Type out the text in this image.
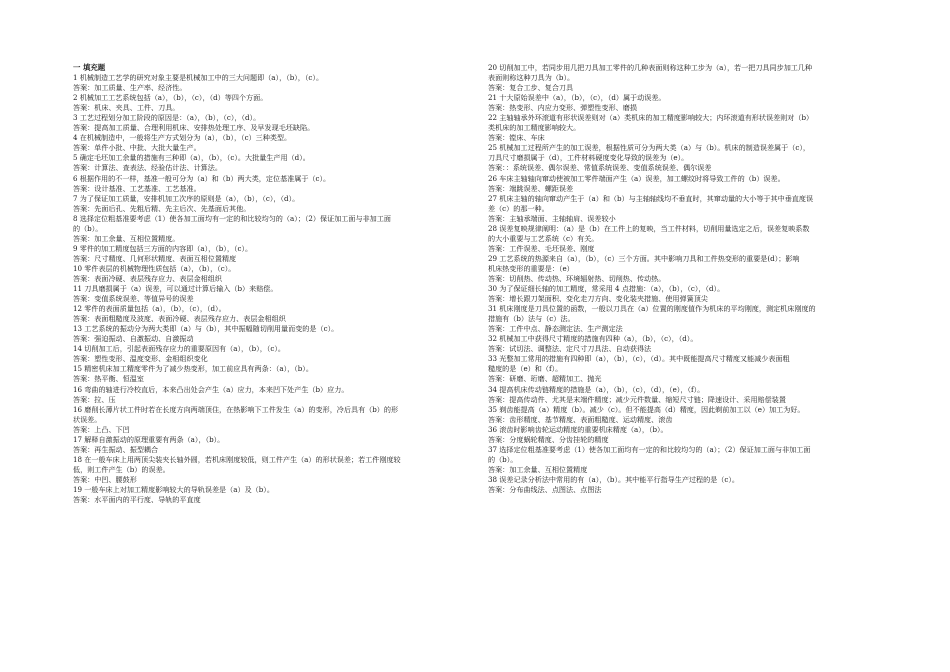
一 填充题
1 机械制造工艺学的研究对象主要是机械加工中的三大问题即（a），（b），（c）。
答案：加工质量、生产率、经济性。
2 机械加工工艺系统包括（a），（b），（c），（d）等四个方面。
答案：机床、夹具、工件、刀具。
3 工艺过程划分加工阶段的原因是：（a），（b），（c），（d）。
答案：提高加工质量、合理利用机床、安排热处理工序、及早发现毛坯缺陷。
4 在机械制造中，一般将生产方式划分为（a），（b），（c）三种类型。
答案：单件小批、中批、大批大量生产。
5 确定毛坯加工余量的措施有三种即（a），（b），（c）。大批量生产用（d）。
答案：计算法、查表法、经验估计法、计算法。
6 根据作用的不一样，基准一般可分为（a）和（b）两大类，定位基准属于（c）。
答案：设计基准、工艺基准、工艺基准。
7 为了保证加工质量，安排机加工次序的原则是（a），（b），（c），（d）。
答案：先面后孔、先粗后精、先主后次、先基面后其他。
8 选择定位粗基准要考虑（1）使各加工面均有一定的和比较均匀的（a）；（2）保证加工面与非加工面
的（b）。
答案：加工余量、互相位置精度。
9 零件的加工精度包括三方面的内容即（a），（b），（c）。
答案：尺寸精度、几何形状精度、表面互相位置精度
10 零件表层的机械物理性质包括（a），（b），（c）。
答案：表面冷硬、表层残存应力、表层金相组织
11 刀具磨损属于（a）误差，可以通过计算后输入（b）来赔偿。
答案：变值系统误差、等值异号的误差
12 零件的表面质量包括（a），（b），（c），（d）。
答案：表面粗糙度及波度、表面冷硬、表层残存应力、表层金相组织
13 工艺系统的振动分为两大类即（a）与（b），其中振幅随切削用量而变的是（c）。
答案：强迫振动、自激振动、自激振动
14 切削加工后，引起表面残存应力的重要原因有（a），（b），（c）。
答案：塑性变形、温度变形、金相组织变化
15 精密机床加工精度零件为了减少热变形，加工前应具有两条：（a），（b）。
答案：热平衡、恒温室
16 弯曲的轴进行冷校直后，本来凸出处会产生（a）应力，本来凹下处产生（b）应力。
答案：拉、压
16 磨削长薄片状工件时若在长度方向两端顶住，在热影响下工件发生（a）的变形，冷后具有（b）的形
状误差。
答案：上凸、下凹
17 解释自激振动的原理重要有两条（a），（b）。
答案：再生振动、振型耦合
18 在一般车床上用两顶尖装夹长轴外圆，若机床刚度较低，则工件产生（a）的形状误差；若工件刚度较
低，则工件产生（b）的误差。
答案：中凹、腰鼓形
19 一般车床上对加工精度影响较大的导轨误差是（a）及（b）。
答案：水平面内的平行度、导轨的平直度
20 切削加工中，若同步用几把刀具加工零件的几种表面则称这种工步为（a），若一把刀具同步加工几种
表面则称这种刀具为（b）。
答案：复合工步、复合刀具
21 十大原始误差中（a），（b），（c），（d）属于动误差。
答案：热变形、内应力变形、弹塑性变形、磨损
22 主轴轴承外环滚道有形状误差则对（a）类机床的加工精度影响较大；内环滚道有形状误差则对（b）
类机床的加工精度影响较大。
答案：镗床、车床
25 机械加工过程所产生的加工误差，根据性质可分为两大类（a）与（b）。机床的制造误差属于（c），
刀具尺寸磨损属于（d），工件材料硬度变化导致的误差为（e）。
答案：：系统误差、偶尔误差、常值系统误差、变值系统误差、偶尔误差
26 车床主轴轴向窜动使被加工零件端面产生（a）误差，加工螺纹时将导致工件的（b）误差。
答案：端跳误差、螺距误差
27 机床主轴的轴向窜动产生于（a）和（b）与主轴轴线均不垂直时，其窜动量的大小等于其中垂直度误
差（c）的那一种。
答案：主轴承端面、主轴轴肩、误差较小
28 误差复映规律阐明：（a）是（b）在工件上的复映，当工件材料，切削用量选定之后，误差复映系数
的大小重要与工艺系统（c）有关。
答案：工件误差、毛坯误差、刚度
29 工艺系统的热源来自（a），（b），（c）三个方面。其中影响刀具和工件热变形的重要是(d）；影响
机床热变形的重要是：（e）
答案：切削热、传动热、环境辐射热、切削热、传动热。
30 为了保证细长轴的加工精度，常采用 4 点措施：（a），（b），（c），（d）。
答案：增长跟刀架面积、变化走刀方向、变化装夹措施、使用弹簧顶尖
31 机床刚度是刀具位置的函数，一般以刀具在（a）位置的刚度值作为机床的平均刚度，测定机床刚度的
措施有（b）法与（c）法。
答案：工件中点、静态测定法、生产测定法
32 机械加工中获得尺寸精度的措施有四种（a），（b），（c），（d）。
答案：试切法、调整法、定尺寸刀具法、自动获得法
33 光整加工常用的措施有四种即（a），（b），（c），（d）。其中既能提高尺寸精度又能减少表面粗
糙度的是（e）和（f）。
答案：研磨、珩磨、超精加工、抛光
34 提高机床传动链精度的措施是（a），（b），（c），（d），（e），（f）。
答案：提高传动件、尤其是末端件精度；减少元件数量、缩短尺寸链；降速设计、采用赔偿装置
35 剃齿能提高（a）精度（b）。减少（c）。但不能提高（d）精度，因此剃前加工以（e）加工为好。
答案：齿形精度、基节精度、表面粗糙度、运动精度、滚齿
36 滚齿时影响齿轮运动精度的重要机床精度（a），（b）。
答案：分度蜗轮精度、分齿挂轮的精度
37 选择定位粗基准要考虑（1）使各加工面均有一定的和比较均匀的（a）；（2）保证加工面与非加工面
的（b）。
答案：加工余量、互相位置精度
38 误差记录分析法中常用的有（a），（b）。其中能平行指导生产过程的是（c）。
答案：分布曲线法、点图法、点图法
